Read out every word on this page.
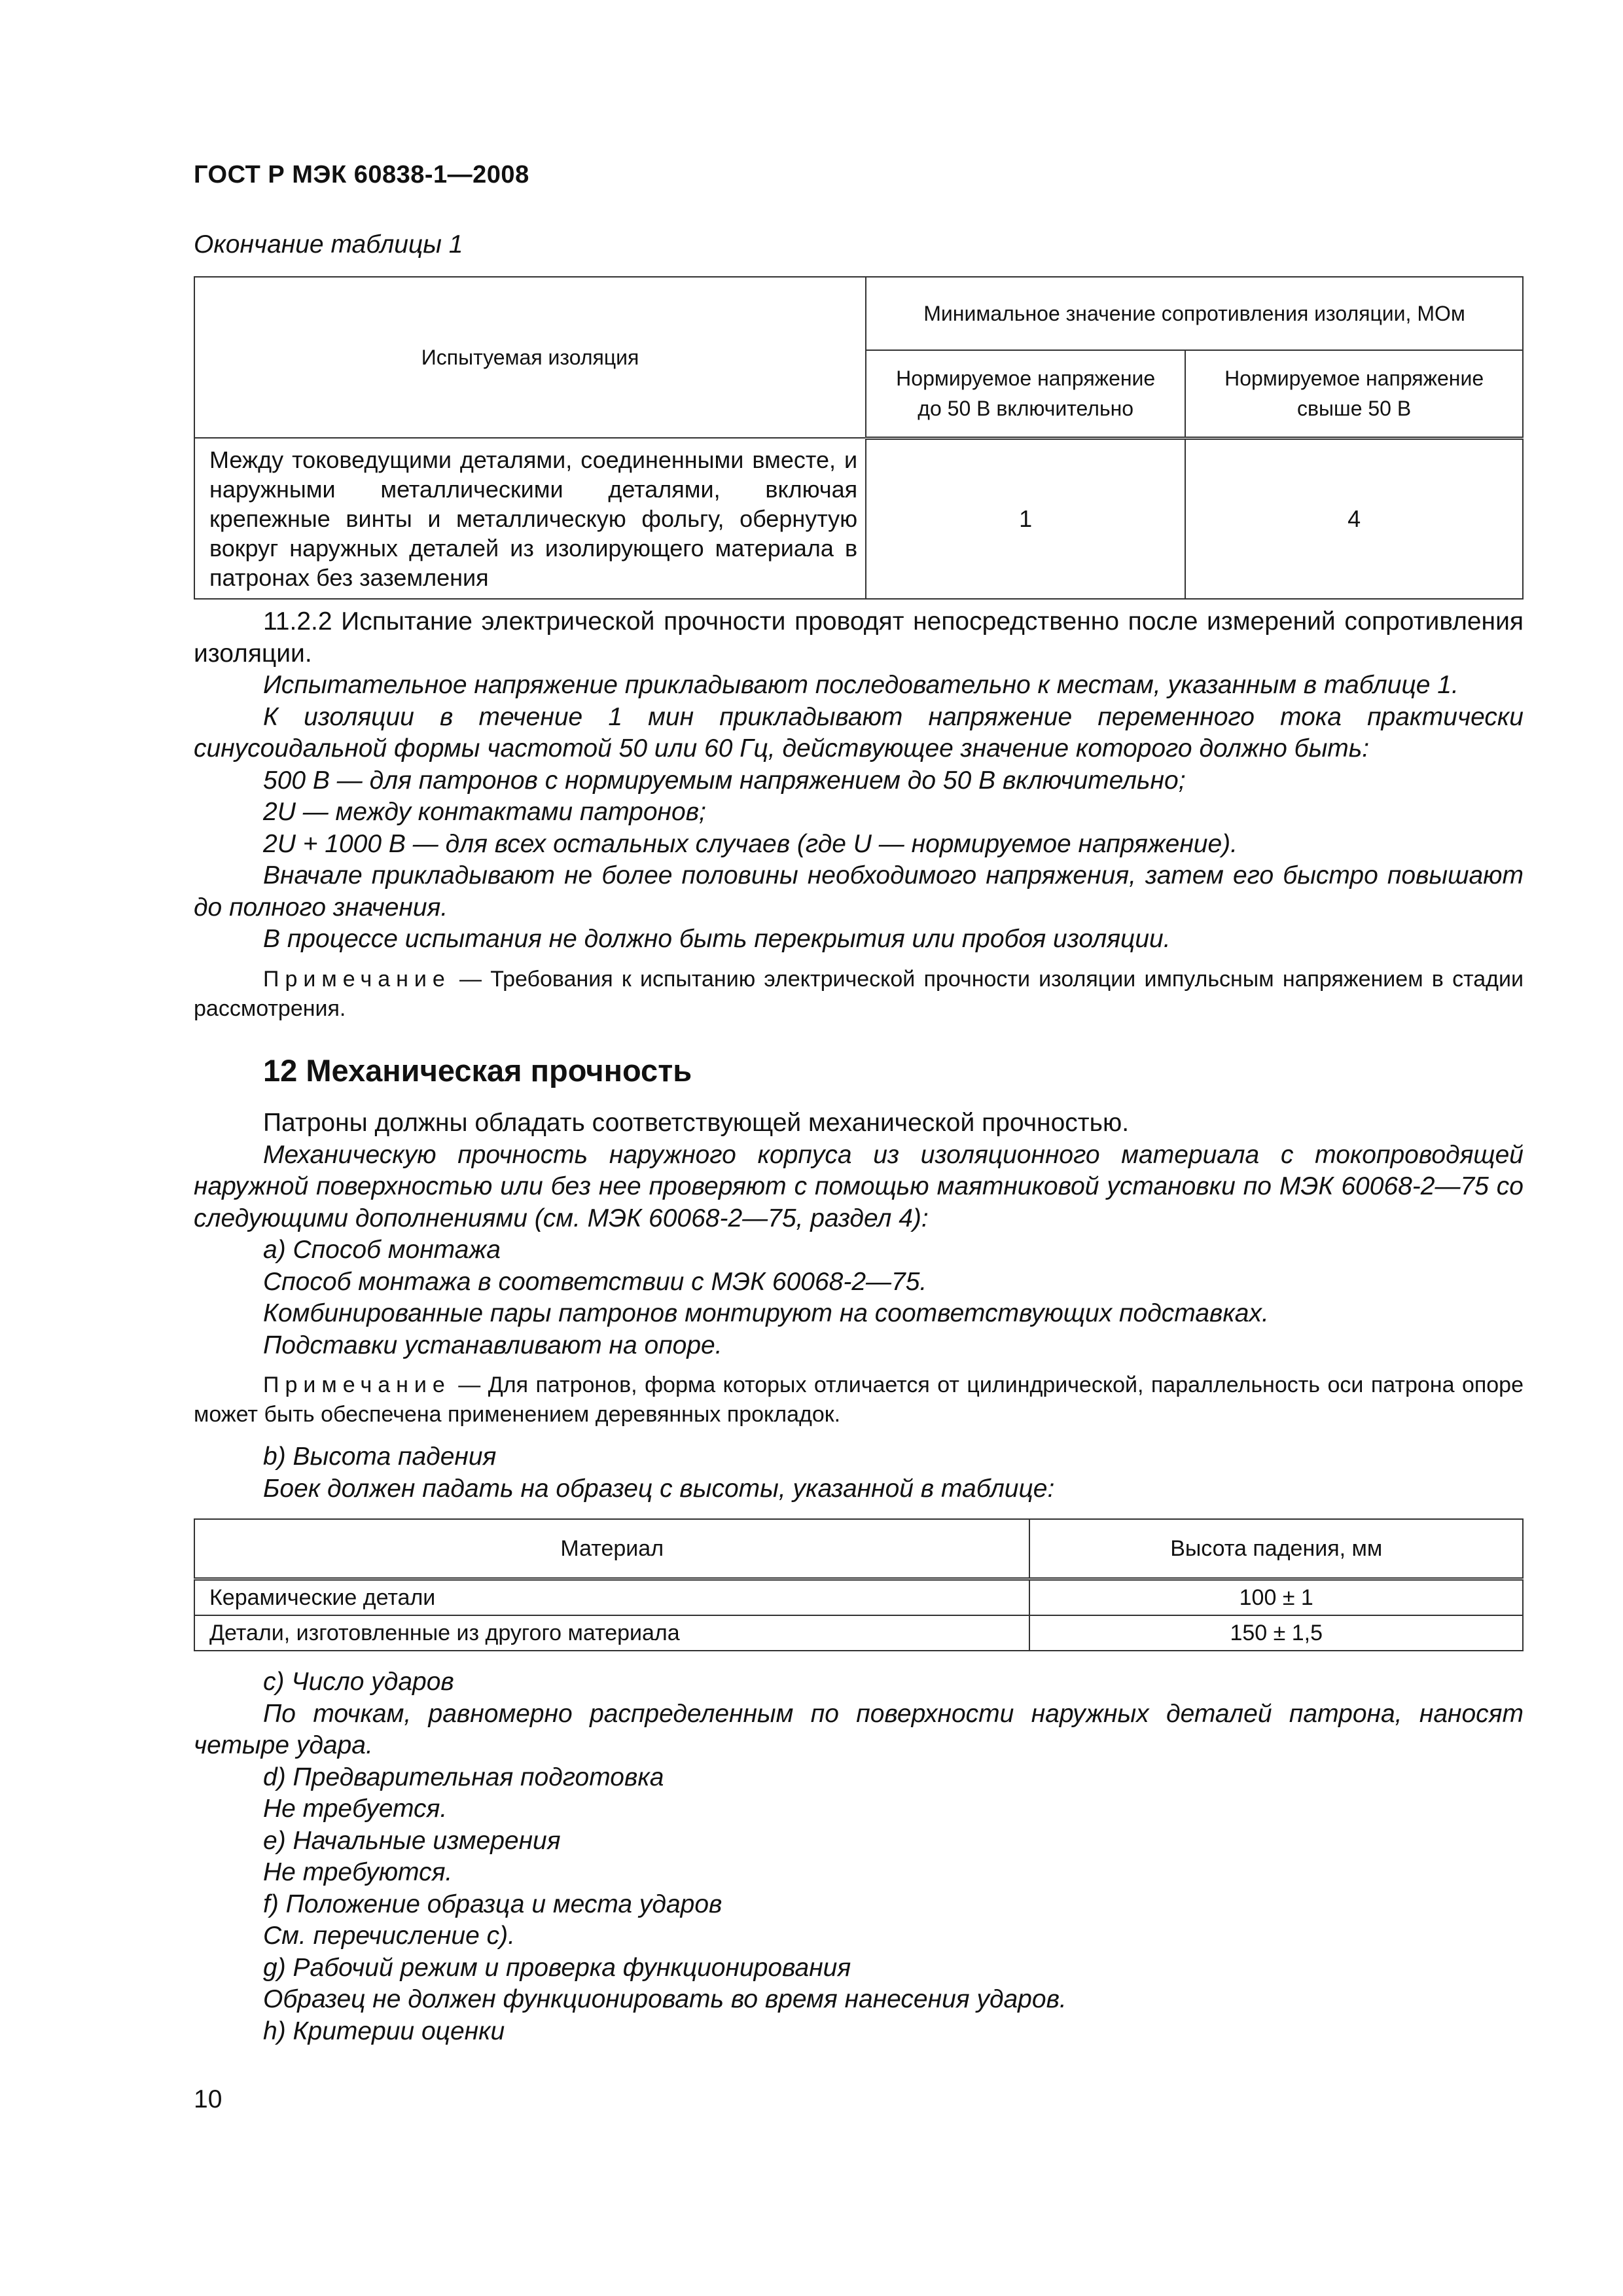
ГОСТ Р МЭК 60838-1—2008
Окончание таблицы 1
Испытуемая изоляция	Минимальное значение сопротивления изоляции, МОм	

	Нормируемое напряжение до 50 В включительно	Нормируемое напряжение свыше 50 В

Между токоведущими деталями, соединенными вместе, и наружными металлическими деталями, включая крепежные винты и металлическую фольгу, обернутую вокруг наружных деталей из изолирующего материала в патронах без заземления	1	4

11.2.2 Испытание электрической прочности проводят непосредственно после измерений сопротивления изоляции.

Испытательное напряжение прикладывают последовательно к местам, указанным в таблице 1.

К изоляции в течение 1 мин прикладывают напряжение переменного тока практически синусоидальной формы частотой 50 или 60 Гц, действующее значение которого должно быть:

500 В — для патронов с нормируемым напряжением до 50 В включительно;

2U — между контактами патронов;

2U + 1000 В — для всех остальных случаев (где U — нормируемое напряжение).

Вначале прикладывают не более половины необходимого напряжения, затем его быстро повышают до полного значения.

В процессе испытания не должно быть перекрытия или пробоя изоляции.

Примечание — Требования к испытанию электрической прочности изоляции импульсным напряжением в стадии рассмотрения.

12 Механическая прочность

Патроны должны обладать соответствующей механической прочностью.

Механическую прочность наружного корпуса из изоляционного материала с токопроводящей наружной поверхностью или без нее проверяют с помощью маятниковой установки по МЭК 60068-2—75 со следующими дополнениями (см. МЭК 60068-2—75, раздел 4):

a) Способ монтажа

Способ монтажа в соответствии с МЭК 60068-2—75.

Комбинированные пары патронов монтируют на соответствующих подставках.

Подставки устанавливают на опоре.

Примечание — Для патронов, форма которых отличается от цилиндрической, параллельность оси патрона опоре может быть обеспечена применением деревянных прокладок.

b) Высота падения

Боек должен падать на образец с высоты, указанной в таблице:

Материал	Высота падения, мм
Керамические детали	100 ± 1
Детали, изготовленные из другого материала	150 ± 1,5

c) Число ударов

По точкам, равномерно распределенным по поверхности наружных деталей патрона, наносят четыре удара.

d) Предварительная подготовка

Не требуется.

e) Начальные измерения

Не требуются.

f) Положение образца и места ударов

См. перечисление c).

g) Рабочий режим и проверка функционирования

Образец не должен функционировать во время нанесения ударов.

h) Критерии оценки

10
